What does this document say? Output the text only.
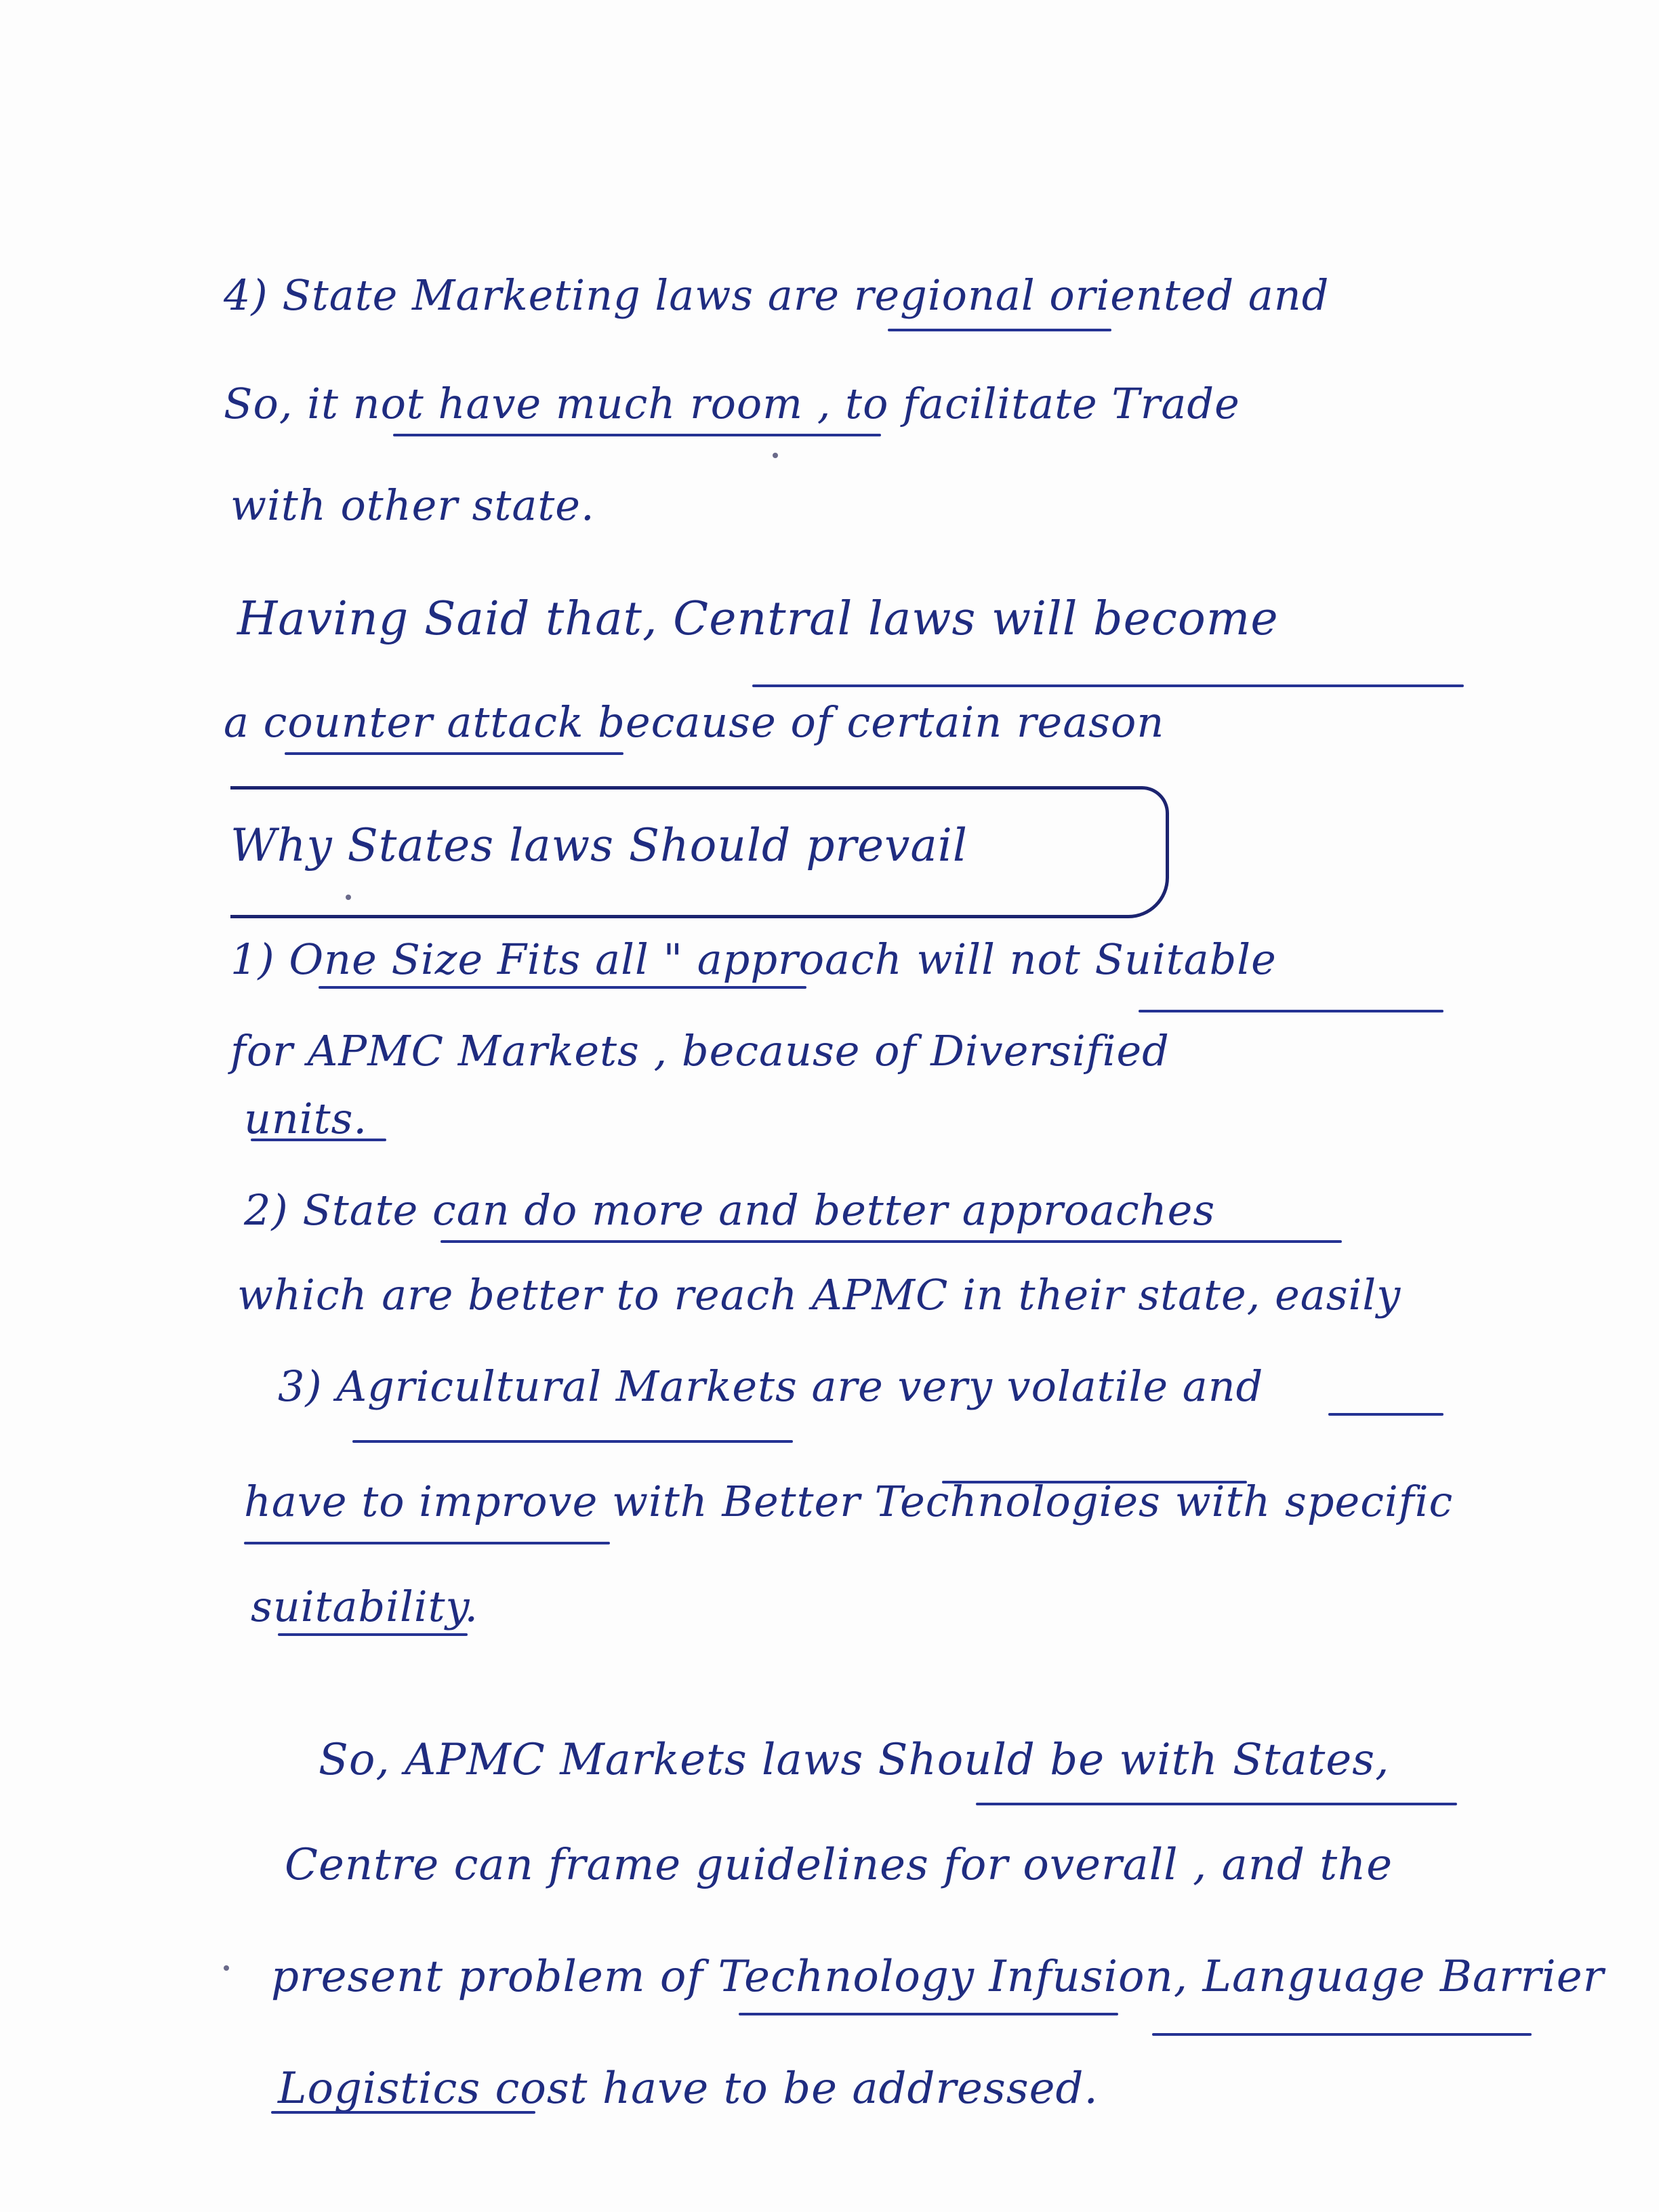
4) State Marketing laws are regional oriented and
So, it not have much room , to facilitate Trade
with other state.
Having Said that, Central laws will become
a counter attack because of certain reason
Why States laws Should prevail
1) One Size Fits all " approach will not Suitable
for APMC Markets , because of Diversified
units.
2) State can do more and better approaches
which are better to reach APMC in their state, easily
3) Agricultural Markets are very volatile and
have to improve with Better Technologies with specific
suitability.
So, APMC Markets laws Should be with States,
Centre can frame guidelines for overall , and the
present problem of Technology Infusion, Language Barrier
Logistics cost have to be addressed.
